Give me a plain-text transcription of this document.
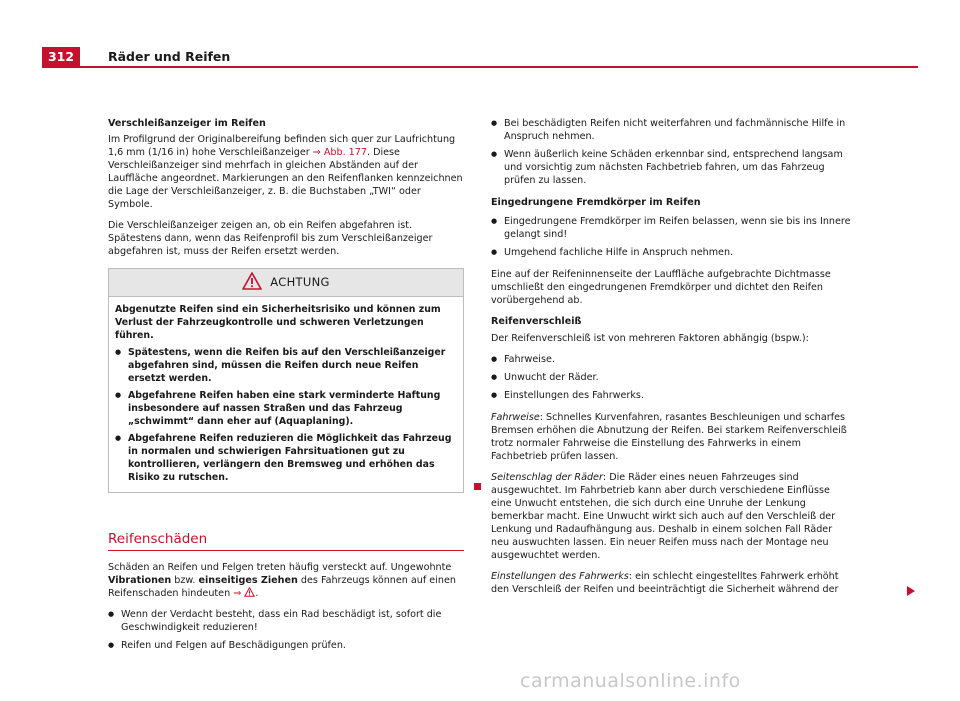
312	Räder und Reifen
Verschleißanzeiger im Reifen
Im Profilgrund der Originalbereifung befinden sich quer zur Laufrichtung 1,6 mm (1/16 in) hohe Verschleißanzeiger ⇒ Abb. 177. Diese Verschleißanzeiger sind mehrfach in gleichen Abständen auf der Lauffläche angeordnet. Markierungen an den Reifenflanken kennzeichnen die Lage der Verschleißanzeiger, z. B. die Buchstaben „TWI“ oder Symbole.
Die Verschleißanzeiger zeigen an, ob ein Reifen abgefahren ist. Spätestens dann, wenn das Reifenprofil bis zum Verschleißanzeiger abgefahren ist, muss der Reifen ersetzt werden.
ACHTUNG
Abgenutzte Reifen sind ein Sicherheitsrisiko und können zum Verlust der Fahrzeugkontrolle und schweren Verletzungen führen.
● Spätestens, wenn die Reifen bis auf den Verschleißanzeiger abgefahren sind, müssen die Reifen durch neue Reifen ersetzt werden.
● Abgefahrene Reifen haben eine stark verminderte Haftung insbesondere auf nassen Straßen und das Fahrzeug „schwimmt“ dann eher auf (Aquaplaning).
● Abgefahrene Reifen reduzieren die Möglichkeit das Fahrzeug in normalen und schwierigen Fahrsituationen gut zu kontrollieren, verlängern den Bremsweg und erhöhen das Risiko zu rutschen.
Reifenschäden
Schäden an Reifen und Felgen treten häufig versteckt auf. Ungewohnte Vibrationen bzw. einseitiges Ziehen des Fahrzeugs können auf einen Reifenschaden hindeuten ⇒ .
● Wenn der Verdacht besteht, dass ein Rad beschädigt ist, sofort die Geschwindigkeit reduzieren!
● Reifen und Felgen auf Beschädigungen prüfen.
● Bei beschädigten Reifen nicht weiterfahren und fachmännische Hilfe in Anspruch nehmen.
● Wenn äußerlich keine Schäden erkennbar sind, entsprechend langsam und vorsichtig zum nächsten Fachbetrieb fahren, um das Fahrzeug prüfen zu lassen.
Eingedrungene Fremdkörper im Reifen
● Eingedrungene Fremdkörper im Reifen belassen, wenn sie bis ins Innere gelangt sind!
● Umgehend fachliche Hilfe in Anspruch nehmen.
Eine auf der Reifeninnenseite der Lauffläche aufgebrachte Dichtmasse umschließt den eingedrungenen Fremdkörper und dichtet den Reifen vorübergehend ab.
Reifenverschleiß
Der Reifenverschleiß ist von mehreren Faktoren abhängig (bspw.):
● Fahrweise.
● Unwucht der Räder.
● Einstellungen des Fahrwerks.
Fahrweise: Schnelles Kurvenfahren, rasantes Beschleunigen und scharfes Bremsen erhöhen die Abnutzung der Reifen. Bei starkem Reifenverschleiß trotz normaler Fahrweise die Einstellung des Fahrwerks in einem Fachbetrieb prüfen lassen.
Seitenschlag der Räder: Die Räder eines neuen Fahrzeuges sind ausgewuchtet. Im Fahrbetrieb kann aber durch verschiedene Einflüsse eine Unwucht entstehen, die sich durch eine Unruhe der Lenkung bemerkbar macht. Eine Unwucht wirkt sich auch auf den Verschleiß der Lenkung und Radaufhängung aus. Deshalb in einem solchen Fall Räder neu auswuchten lassen. Ein neuer Reifen muss nach der Montage neu ausgewuchtet werden.
Einstellungen des Fahrwerks: ein schlecht eingestelltes Fahrwerk erhöht den Verschleiß der Reifen und beeinträchtigt die Sicherheit während der
carmanualsonline.info
